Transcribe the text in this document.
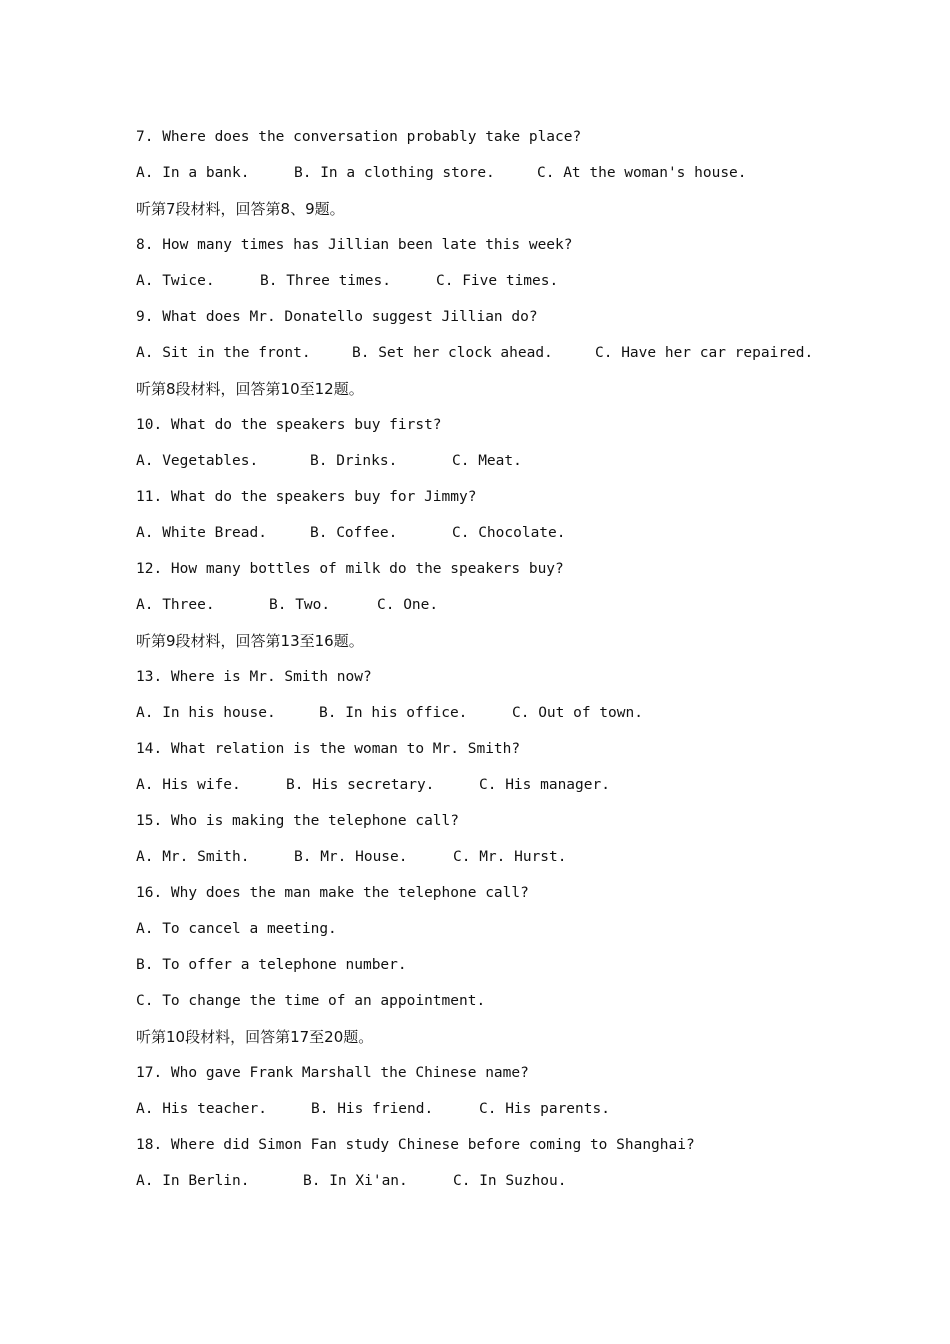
7. Where does the conversation probably take place?
A. In a bank.	B. In a clothing store.	C. At the woman's house.
听第7段材料，回答第8、9题。
8. How many times has Jillian been late this week?
A. Twice.	B. Three times.	C. Five times.
9. What does Mr. Donatello suggest Jillian do?
A. Sit in the front.	B. Set her clock ahead.	C. Have her car repaired.
听第8段材料，回答第10至12题。
10. What do the speakers buy first?
A. Vegetables.	B. Drinks.	C. Meat.
11. What do the speakers buy for Jimmy?
A. White Bread.	B. Coffee.	C. Chocolate.
12. How many bottles of milk do the speakers buy?
A. Three.	B. Two.	C. One.
听第9段材料，回答第13至16题。
13. Where is Mr. Smith now?
A. In his house.	B. In his office.	C. Out of town.
14. What relation is the woman to Mr. Smith?
A. His wife.	B. His secretary.	C. His manager.
15. Who is making the telephone call?
A. Mr. Smith.	B. Mr. House.	C. Mr. Hurst.
16. Why does the man make the telephone call?
A. To cancel a meeting.
B. To offer a telephone number.
C. To change the time of an appointment.
听第10段材料，回答第17至20题。
17. Who gave Frank Marshall the Chinese name?
A. His teacher.	B. His friend.	C. His parents.
18. Where did Simon Fan study Chinese before coming to Shanghai?
A. In Berlin.	B. In Xi'an.	C. In Suzhou.
